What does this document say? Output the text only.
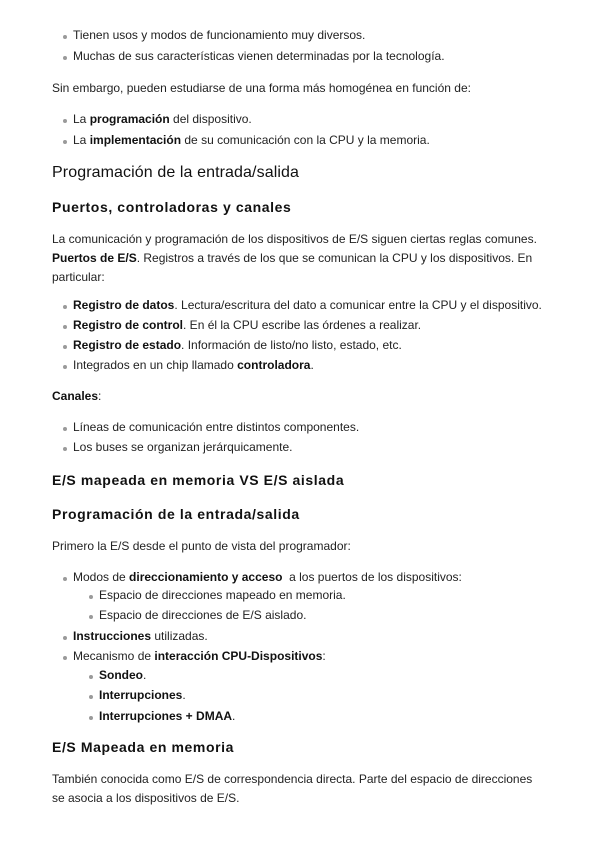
Tienen usos y modos de funcionamiento muy diversos.
Muchas de sus características vienen determinadas por la tecnología.
Sin embargo, pueden estudiarse de una forma más homogénea en función de:
La programación del dispositivo.
La implementación de su comunicación con la CPU y la memoria.
Programación de la entrada/salida
Puertos, controladoras y canales
La comunicación y programación de los dispositivos de E/S siguen ciertas reglas comunes.
Puertos de E/S. Registros a través de los que se comunican la CPU y los dispositivos. En
particular:
Registro de datos. Lectura/escritura del dato a comunicar entre la CPU y el dispositivo.
Registro de control. En él la CPU escribe las órdenes a realizar.
Registro de estado. Información de listo/no listo, estado, etc.
Integrados en un chip llamado controladora.
Canales:
Líneas de comunicación entre distintos componentes.
Los buses se organizan jerárquicamente.
E/S mapeada en memoria VS E/S aislada
Programación de la entrada/salida
Primero la E/S desde el punto de vista del programador:
Modos de direccionamiento y acceso  a los puertos de los dispositivos:
Espacio de direcciones mapeado en memoria.
Espacio de direcciones de E/S aislado.
Instrucciones utilizadas.
Mecanismo de interacción CPU-Dispositivos:
Sondeo.
Interrupciones.
Interrupciones + DMAA.
E/S Mapeada en memoria
También conocida como E/S de correspondencia directa. Parte del espacio de direcciones
se asocia a los dispositivos de E/S.
